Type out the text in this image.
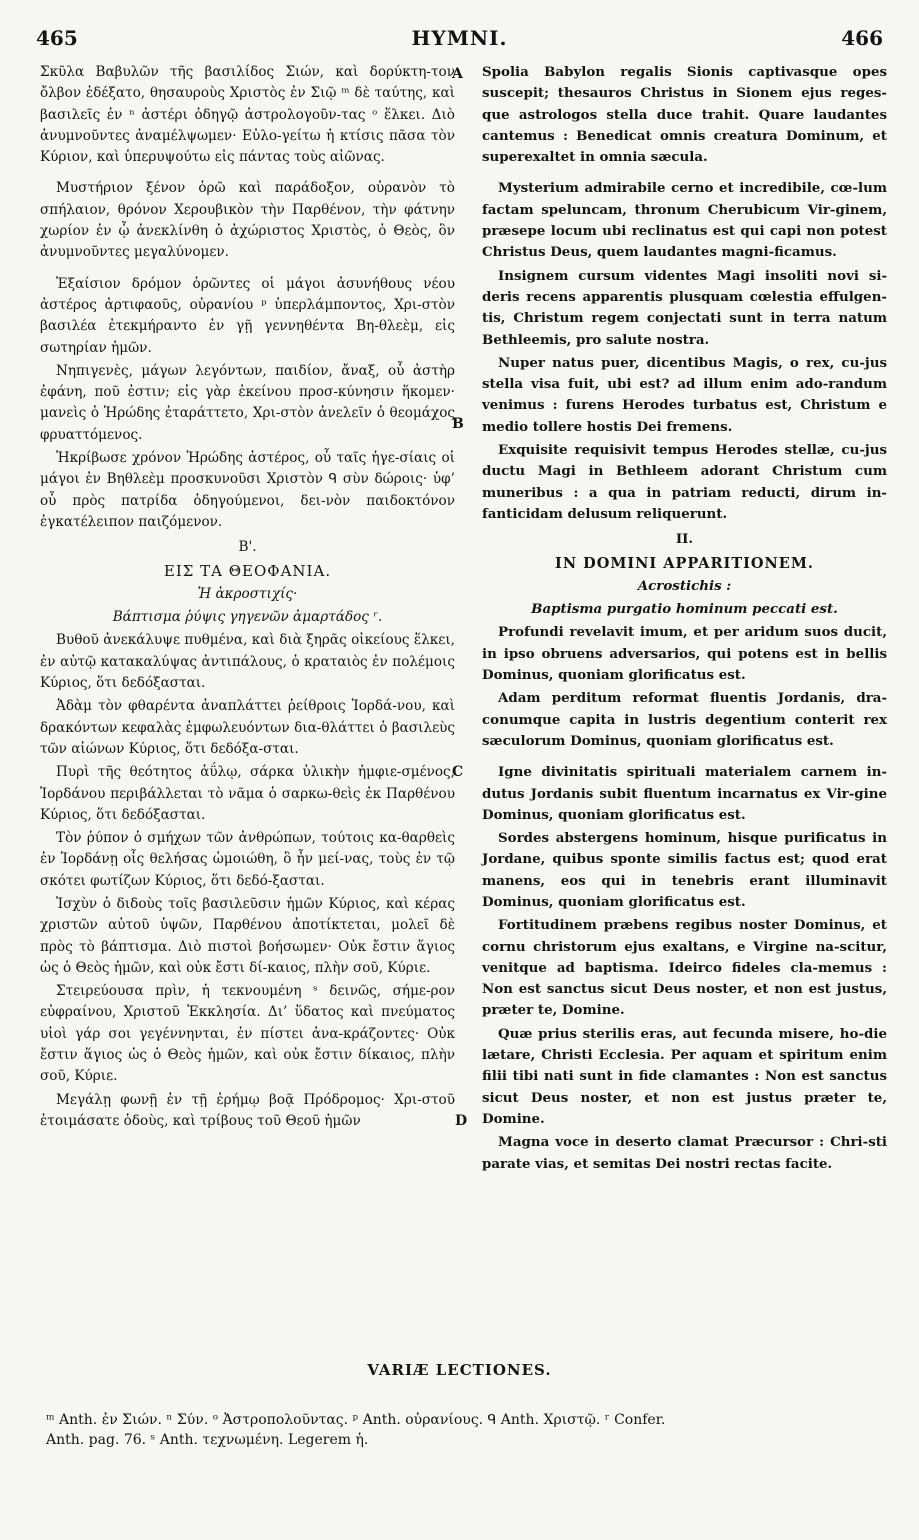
465	HYMNI.	466
A
B
C
D

Σκῦλα Βαβυλῶν τῆς βασιλίδος Σιών, καὶ δορύκτη-τον ὄλβον ἐδέξατο, θησαυροὺς Χριστὸς ἐν Σιῷ ᵐ δὲ ταύτης, καὶ βασιλεῖς ἐν ⁿ ἀστέρι ὁδηγῷ ἀστρολογοῦν-τας ᵒ ἕλκει. Διὸ ἀνυμνοῦντες ἀναμέλψωμεν· Εὐλο-γείτω ἡ κτίσις πᾶσα τὸν Κύριον, καὶ ὑπερυψούτω εἰς πάντας τοὺς αἰῶνας.

Μυστήριον ξένον ὁρῶ καὶ παράδοξον, οὐρανὸν τὸ σπήλαιον, θρόνον Χερουβικὸν τὴν Παρθένον, τὴν φάτνην χωρίον ἐν ᾧ ἀνεκλίνθη ὁ ἀχώριστος Χριστὸς, ὁ Θεὸς, ὃν ἀνυμνοῦντες μεγαλύνομεν.

Ἐξαίσιον δρόμον ὁρῶντες οἱ μάγοι ἀσυνήθους νέου ἀστέρος ἀρτιφαοῦς, οὐρανίου ᵖ ὑπερλάμποντος, Χρι-στὸν βασιλέα ἐτεκμήραντο ἐν γῇ γεννηθέντα Βη-θλεὲμ, εἰς σωτηρίαν ἡμῶν.

Νηπιγενὲς, μάγων λεγόντων, παιδίον, ἄναξ, οὗ ἀστὴρ ἐφάνη, ποῦ ἐστιν; εἰς γὰρ ἐκείνου προσ-κύνησιν ἥκομεν· μανεὶς ὁ Ἡρώδης ἐταράττετο, Χρι-στὸν ἀνελεῖν ὁ θεομάχος φρυαττόμενος.

Ἠκρίβωσε χρόνον Ἡρώδης ἀστέρος, οὗ ταῖς ἡγε-σίαις οἱ μάγοι ἐν Βηθλεὲμ προσκυνοῦσι Χριστὸν ᑫ σὺν δώροις· ὑφ’ οὗ πρὸς πατρίδα ὁδηγούμενοι, δει-νὸν παιδοκτόνον ἐγκατέλειπον παιζόμενον.

Β'.

ΕΙΣ ΤΑ ΘΕΟΦΑΝΙΑ.

Ἡ ἀκροστιχίς·

Βάπτισμα ῥύψις γηγενῶν ἁμαρτάδος ʳ.

Βυθοῦ ἀνεκάλυψε πυθμένα, καὶ διὰ ξηρᾶς οἰκείους ἕλκει, ἐν αὐτῷ κατακαλύψας ἀντιπάλους, ὁ κραταιὸς ἐν πολέμοις Κύριος, ὅτι δεδόξασται.

Ἀδὰμ τὸν φθαρέντα ἀναπλάττει ῥείθροις Ἰορδά-νου, καὶ δρακόντων κεφαλὰς ἐμφωλευόντων δια-θλάττει ὁ βασιλεὺς τῶν αἰώνων Κύριος, ὅτι δεδόξα-σται.

Πυρὶ τῆς θεότητος ἀΰλῳ, σάρκα ὑλικὴν ἠμφιε-σμένος, Ἰορδάνου περιβάλλεται τὸ νᾶμα ὁ σαρκω-θεὶς ἐκ Παρθένου Κύριος, ὅτι δεδόξασται.

Τὸν ῥύπον ὁ σμήχων τῶν ἀνθρώπων, τούτοις κα-θαρθεὶς ἐν Ἰορδάνῃ οἷς θελήσας ὡμοιώθη, ὃ ἦν μεί-νας, τοὺς ἐν τῷ σκότει φωτίζων Κύριος, ὅτι δεδό-ξασται.

Ἰσχὺν ὁ διδοὺς τοῖς βασιλεῦσιν ἡμῶν Κύριος, καὶ κέρας χριστῶν αὐτοῦ ὑψῶν, Παρθένου ἀποτίκτεται, μολεῖ δὲ πρὸς τὸ βάπτισμα. Διὸ πιστοὶ βοήσωμεν· Οὐκ ἔστιν ἅγιος ὡς ὁ Θεὸς ἡμῶν, καὶ οὐκ ἔστι δί-καιος, πλὴν σοῦ, Κύριε.

Στειρεύουσα πρὶν, ἡ τεκνουμένη ˢ δεινῶς, σήμε-ρον εὐφραίνου, Χριστοῦ Ἐκκλησία. Δι’ ὕδατος καὶ πνεύματος υἱοὶ γάρ σοι γεγέννηνται, ἐν πίστει ἀνα-κράζοντες· Οὐκ ἔστιν ἅγιος ὡς ὁ Θεὸς ἡμῶν, καὶ οὐκ ἔστιν δίκαιος, πλὴν σοῦ, Κύριε.

Μεγάλῃ φωνῇ ἐν τῇ ἐρήμῳ βοᾷ Πρόδρομος· Χρι-στοῦ ἑτοιμάσατε ὁδοὺς, καὶ τρίβους τοῦ Θεοῦ ἡμῶν

Spolia Babylon regalis Sionis captivasque opes suscepit; thesauros Christus in Sionem ejus reges-que astrologos stella duce trahit. Quare laudantes cantemus : Benedicat omnis creatura Dominum, et superexaltet in omnia sæcula.

Mysterium admirabile cerno et incredibile, cœ-lum factam speluncam, thronum Cherubicum Vir-ginem, præsepe locum ubi reclinatus est qui capi non potest Christus Deus, quem laudantes magni-ficamus.

Insignem cursum videntes Magi insoliti novi si-deris recens apparentis plusquam cœlestia effulgen-tis, Christum regem conjectati sunt in terra natum Bethleemis, pro salute nostra.

Nuper natus puer, dicentibus Magis, o rex, cu-jus stella visa fuit, ubi est? ad illum enim ado-randum venimus : furens Herodes turbatus est, Christum e medio tollere hostis Dei fremens.

Exquisite requisivit tempus Herodes stellæ, cu-jus ductu Magi in Bethleem adorant Christum cum muneribus : a qua in patriam reducti, dirum in-fanticidam delusum reliquerunt.

II.

IN DOMINI APPARITIONEM.

Acrostichis :

Baptisma purgatio hominum peccati est.

Profundi revelavit imum, et per aridum suos ducit, in ipso obruens adversarios, qui potens est in bellis Dominus, quoniam glorificatus est.

Adam perditum reformat fluentis Jordanis, dra-conumque capita in lustris degentium conterit rex sæculorum Dominus, quoniam glorificatus est.

Igne divinitatis spirituali materialem carnem in-dutus Jordanis subit fluentum incarnatus ex Vir-gine Dominus, quoniam glorificatus est.

Sordes abstergens hominum, hisque purificatus in Jordane, quibus sponte similis factus est; quod erat manens, eos qui in tenebris erant illuminavit Dominus, quoniam glorificatus est.

Fortitudinem præbens regibus noster Dominus, et cornu christorum ejus exaltans, e Virgine na-scitur, venitque ad baptisma. Ideirco fideles cla-memus : Non est sanctus sicut Deus noster, et non est justus, præter te, Domine.

Quæ prius sterilis eras, aut fecunda misere, ho-die lætare, Christi Ecclesia. Per aquam et spiritum enim filii tibi nati sunt in fide clamantes : Non est sanctus sicut Deus noster, et non est justus præter te, Domine.

Magna voce in deserto clamat Præcursor : Chri-sti parate vias, et semitas Dei nostri rectas facite.

VARIÆ LECTIONES.
ᵐ Anth. ἐν Σιών. ⁿ Σύν. ᵒ Ἀστροπολοῦντας. ᵖ Anth. οὐρανίους. ᑫ Anth. Χριστῷ. ʳ Confer.
Anth. pag. 76. ˢ Anth. τεχνωμένη. Legerem ἡ.
